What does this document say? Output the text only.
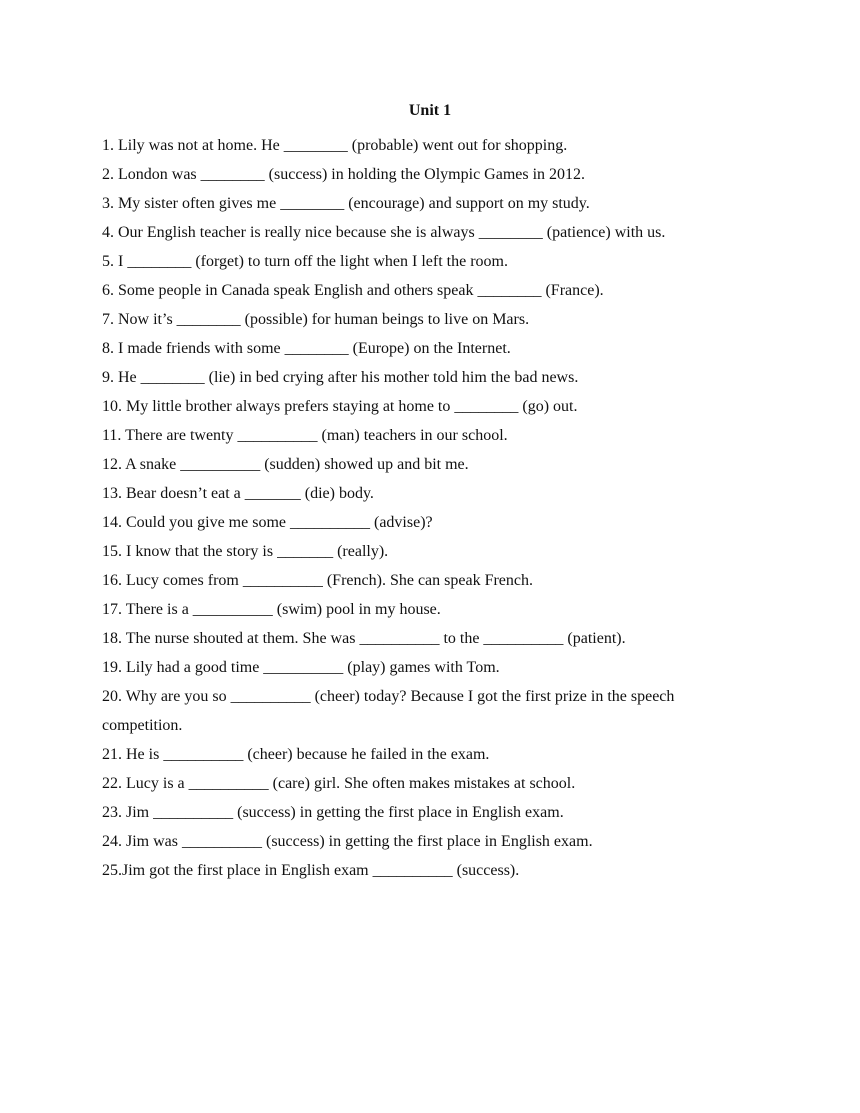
Unit 1
1. Lily was not at home. He ________ (probable) went out for shopping.
2. London was ________ (success) in holding the Olympic Games in 2012.
3. My sister often gives me ________ (encourage) and support on my study.
4. Our English teacher is really nice because she is always ________ (patience) with us.
5. I ________ (forget) to turn off the light when I left the room.
6. Some people in Canada speak English and others speak ________ (France).
7. Now it’s ________ (possible) for human beings to live on Mars.
8. I made friends with some ________ (Europe) on the Internet.
9. He ________ (lie) in bed crying after his mother told him the bad news.
10. My little brother always prefers staying at home to ________ (go) out.
11. There are twenty __________ (man) teachers in our school.
12. A snake __________ (sudden) showed up and bit me.
13. Bear doesn’t eat a _______ (die) body.
14. Could you give me some __________ (advise)?
15. I know that the story is _______ (really).
16. Lucy comes from __________ (French). She can speak French.
17. There is a __________ (swim) pool in my house.
18. The nurse shouted at them. She was __________ to the __________ (patient).
19. Lily had a good time __________ (play) games with Tom.
20. Why are you so __________ (cheer) today? Because I got the first prize in the speech
competition.
21. He is __________ (cheer) because he failed in the exam.
22. Lucy is a __________ (care) girl. She often makes mistakes at school.
23. Jim __________ (success) in getting the first place in English exam.
24. Jim was __________ (success) in getting the first place in English exam.
25.Jim got the first place in English exam __________ (success).
